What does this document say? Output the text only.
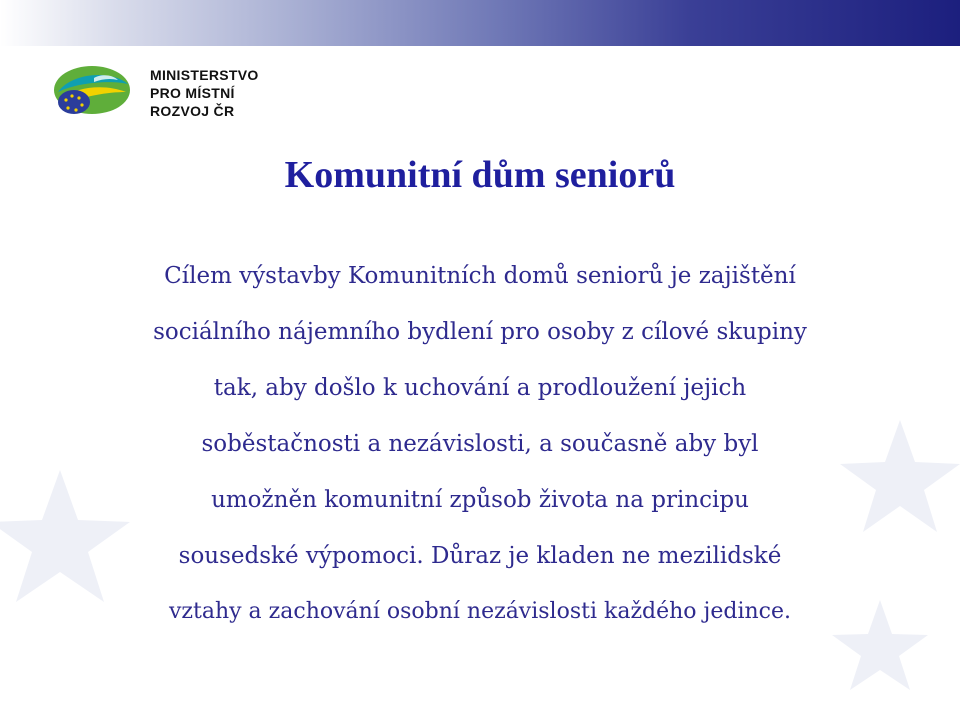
MINISTERSTVO
PRO MÍSTNÍ
ROZVOJ ČR
Komunitní dům seniorů
Cílem výstavby Komunitních domů seniorů je zajištění
sociálního nájemního bydlení pro osoby z cílové skupiny
tak, aby došlo k uchování a prodloužení jejich
soběstačnosti a nezávislosti, a současně aby byl
umožněn komunitní způsob života na principu
sousedské výpomoci. Důraz je kladen ne mezilidské
vztahy a zachování osobní nezávislosti každého jedince.
